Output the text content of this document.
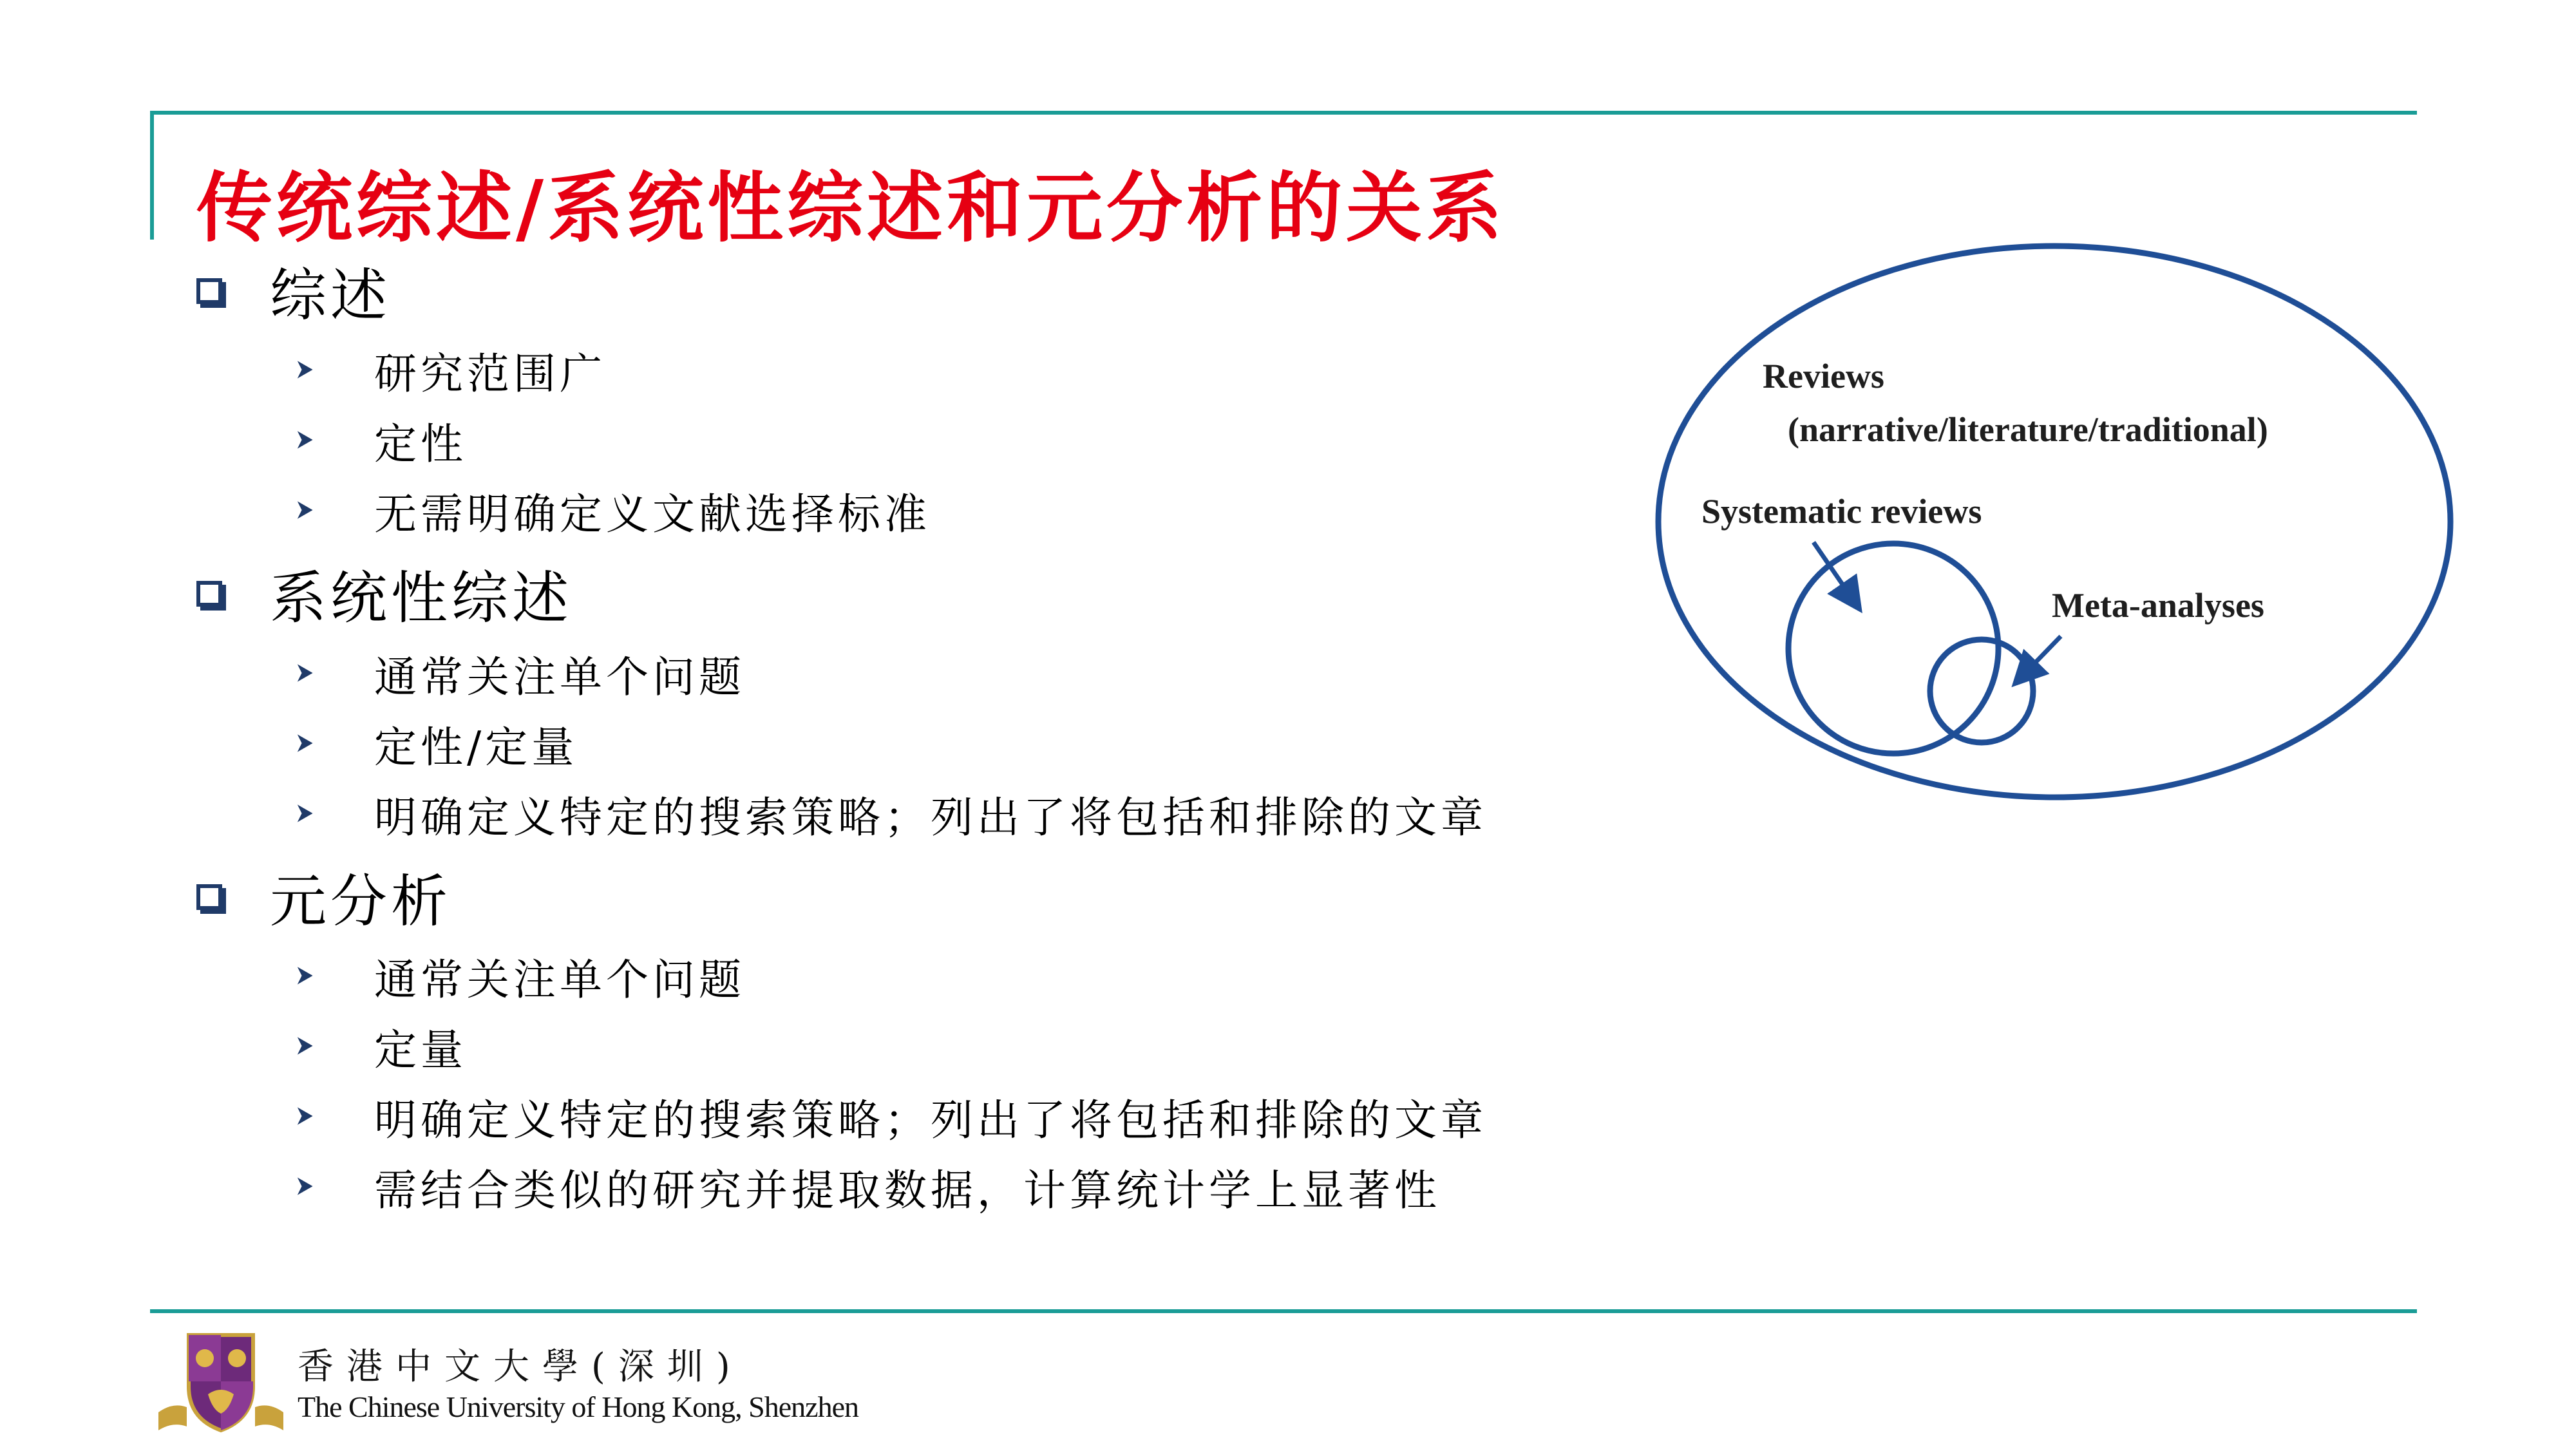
传统综述/系统性综述和元分析的关系
综述
研究范围广
定性
无需明确定义文献选择标准
系统性综述
通常关注单个问题
定性/定量
明确定义特定的搜索策略；列出了将包括和排除的文章
元分析
通常关注单个问题
定量
明确定义特定的搜索策略；列出了将包括和排除的文章
需结合类似的研究并提取数据，计算统计学上显著性
Reviews
(narrative/literature/traditional)
Systematic reviews
Meta-analyses
香港中文大學(深圳)
The Chinese University of Hong Kong, Shenzhen
